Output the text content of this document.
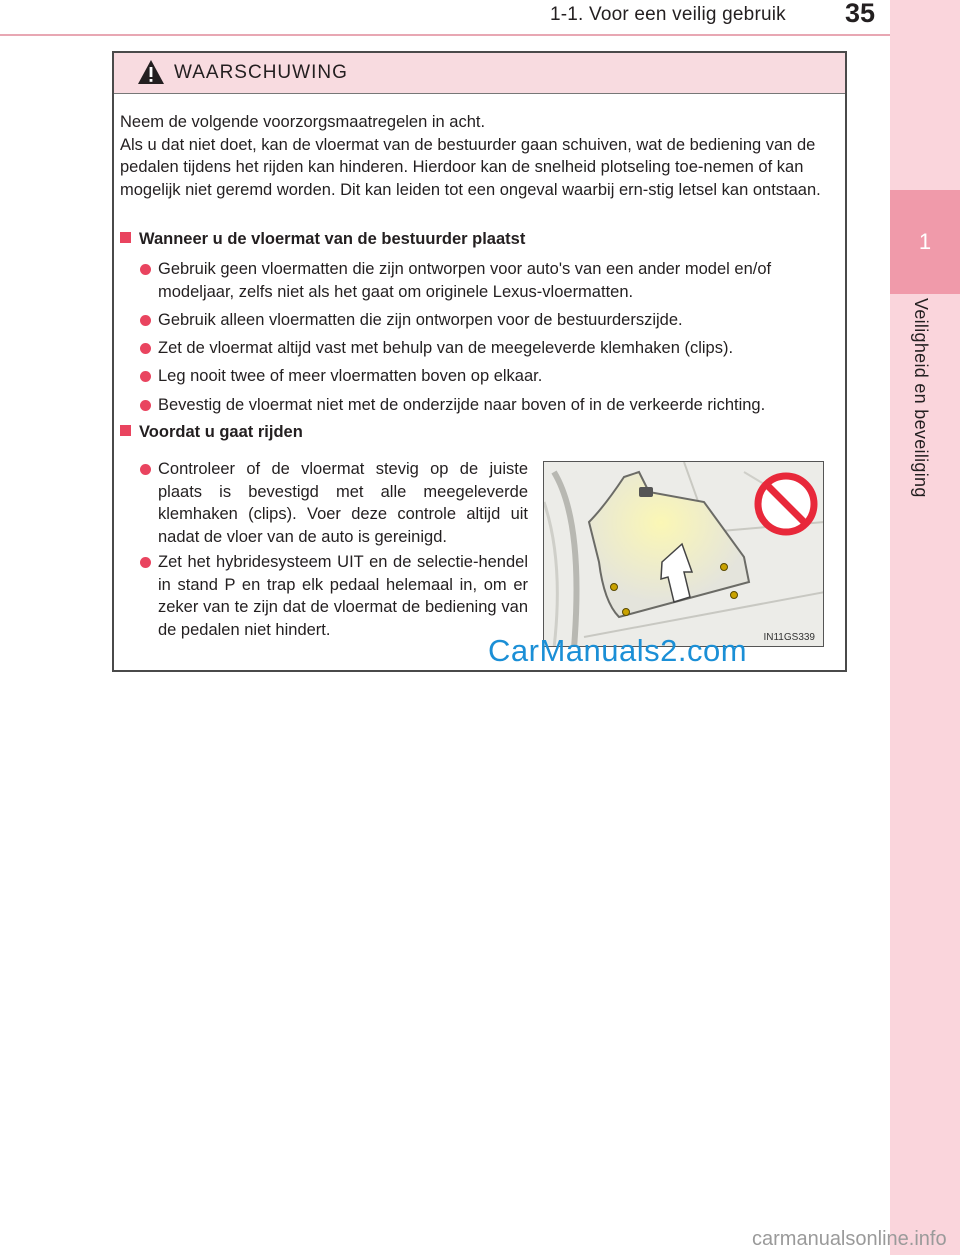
1-1. Voor een veilig gebruik 35
1
Veiligheid en beveiliging
WAARSCHUWING

Neem de volgende voorzorgsmaatregelen in acht.

Als u dat niet doet, kan de vloermat van de bestuurder gaan schuiven, wat de bediening van de pedalen tijdens het rijden kan hinderen. Hierdoor kan de snelheid plotseling toe-nemen of kan mogelijk niet geremd worden. Dit kan leiden tot een ongeval waarbij ern-stig letsel kan ontstaan.

Wanneer u de vloermat van de bestuurder plaatst
Gebruik geen vloermatten die zijn ontworpen voor auto's van een ander model en/of modeljaar, zelfs niet als het gaat om originele Lexus-vloermatten.
Gebruik alleen vloermatten die zijn ontworpen voor de bestuurderszijde.
Zet de vloermat altijd vast met behulp van de meegeleverde klemhaken (clips).
Leg nooit twee of meer vloermatten boven op elkaar.
Bevestig de vloermat niet met de onderzijde naar boven of in de verkeerde richting.
Voordat u gaat rijden
Controleer of de vloermat stevig op de juiste plaats is bevestigd met alle meegeleverde klemhaken (clips). Voer deze controle altijd uit nadat de vloer van de auto is gereinigd.
Zet het hybridesysteem UIT en de selectie-hendel in stand P en trap elk pedaal helemaal in, om er zeker van te zijn dat de vloermat de bediening van de pedalen niet hindert.	IN11GS339
CarManuals2.com
carmanualsonline.info
